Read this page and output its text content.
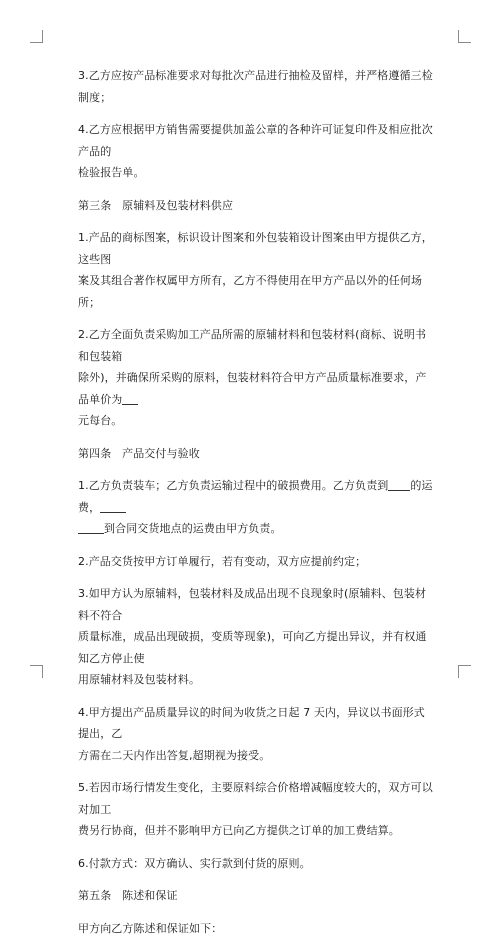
3.乙方应按产品标准要求对每批次产品进行抽检及留样，并严格遵循三检制度；

4.乙方应根据甲方销售需要提供加盖公章的各种许可证复印件及相应批次产品的
检验报告单。

第三条   原辅料及包装材料供应

1.产品的商标图案，标识设计图案和外包装箱设计图案由甲方提供乙方，这些图
案及其组合著作权属甲方所有，乙方不得使用在甲方产品以外的任何场所；

2.乙方全面负责采购加工产品所需的原辅材料和包装材料(商标、说明书和包装箱
除外)，并确保所采购的原料，包装材料符合甲方产品质量标准要求，产品单价为
元每台。

第四条   产品交付与验收

1.乙方负责装车；乙方负责运输过程中的破损费用。乙方负责到 的运费，
到合同交货地点的运费由甲方负责。

2.产品交货按甲方订单履行，若有变动，双方应提前约定；

3.如甲方认为原辅料，包装材料及成品出现不良现象时(原辅料、包装材料不符合
质量标准，成品出现破损，变质等现象)，可向乙方提出异议，并有权通知乙方停止使
用原辅材料及包装材料。

4.甲方提出产品质量异议的时间为收货之日起 7 天内，异议以书面形式提出，乙
方需在二天内作出答复,超期视为接受。

5.若因市场行情发生变化，主要原料综合价格增减幅度较大的，双方可以对加工
费另行协商，但并不影响甲方已向乙方提供之订单的加工费结算。

6.付款方式：双方确认、实行款到付货的原则。

第五条   陈述和保证

甲方向乙方陈述和保证如下：
